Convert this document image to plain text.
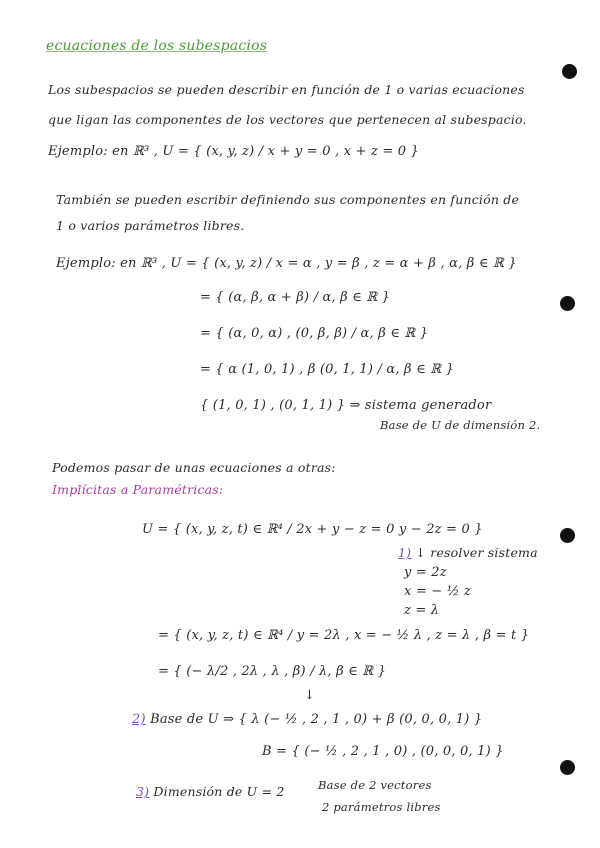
ecuaciones de los subespacios
Los subespacios se pueden describir en función de 1 o varias ecuaciones
que ligan las componentes de los vectores que pertenecen al subespacio.
Ejemplo: en ℝ³ , U = { (x, y, z) / x + y = 0 , x + z = 0 }
También se pueden escribir definiendo sus componentes en función de
1 o varios parámetros libres.
Ejemplo: en ℝ³ , U = { (x, y, z) / x = α , y = β , z = α + β , α, β ∈ ℝ }
= { (α, β, α + β) / α, β ∈ ℝ }
= { (α, 0, α) , (0, β, β) / α, β ∈ ℝ }
= { α (1, 0, 1) , β (0, 1, 1) / α, β ∈ ℝ }
{ (1, 0, 1) , (0, 1, 1) } ⇒ sistema generador
Base de U de dimensión 2.
Podemos pasar de unas ecuaciones a otras:
Implícitas a Paramétricas:
U = { (x, y, z, t) ∈ ℝ⁴ / 2x + y − z = 0 y − 2z = 0 }
1) ↓ resolver sistema
y = 2z
x = − ½ z
z = λ
= { (x, y, z, t) ∈ ℝ⁴ / y = 2λ , x = − ½ λ , z = λ , β = t }
= { (− λ/2 , 2λ , λ , β) / λ, β ∈ ℝ }
↓
2) Base de U ⇒ { λ (− ½ , 2 , 1 , 0) + β (0, 0, 0, 1) }
B = { (− ½ , 2 , 1 , 0) , (0, 0, 0, 1) }
3) Dimensión de U = 2	Base de 2 vectores
2 parámetros libres
